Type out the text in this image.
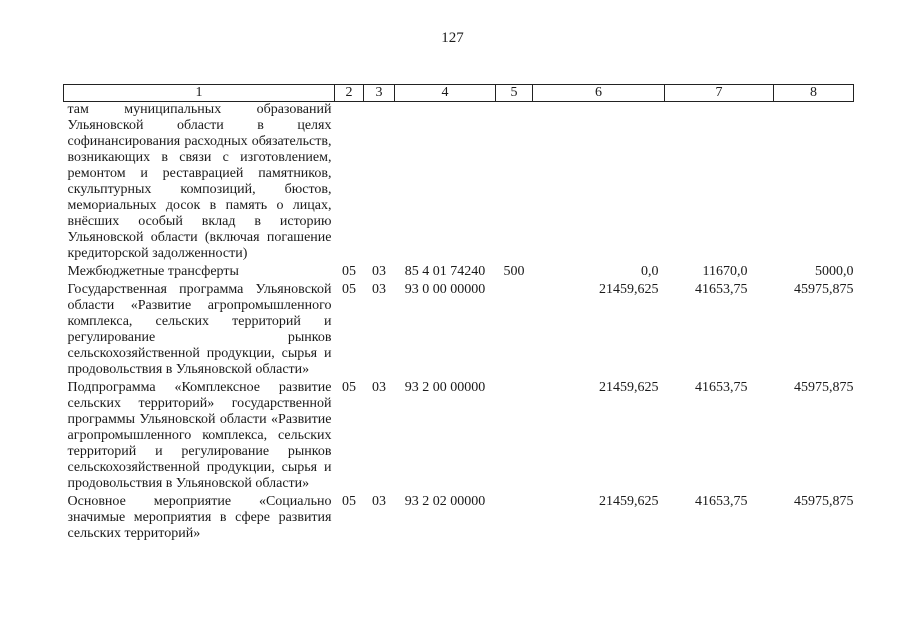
127
1	2	3	4	5	6	7	8
там муниципальных образований Ульяновской области в целях софинансирования расходных обязательств, возникающих в связи с изготовлением, ремонтом и реставрацией памятников, скульптурных композиций, бюстов, мемориальных досок в память о лицах, внёсших особый вклад в историю Ульяновской области (включая погашение кредиторской задолженности)							
Межбюджетные трансферты	05	03	85 4 01 74240	500	0,0	11670,0	5000,0
Государственная программа Ульяновской области «Развитие агропромышленного комплекса, сельских территорий и регулирование рынков сельскохозяйственной продукции, сырья и продовольствия в Ульяновской области»	05	03	93 0 00 00000		21459,625	41653,75	45975,875
Подпрограмма «Комплексное развитие сельских территорий» государственной программы Ульяновской области «Развитие агропромышленного комплекса, сельских территорий и регулирование рынков сельскохозяйственной продукции, сырья и продовольствия в Ульяновской области»	05	03	93 2 00 00000		21459,625	41653,75	45975,875
Основное мероприятие «Социально значимые мероприятия в сфере развития сельских территорий»	05	03	93 2 02 00000		21459,625	41653,75	45975,875
